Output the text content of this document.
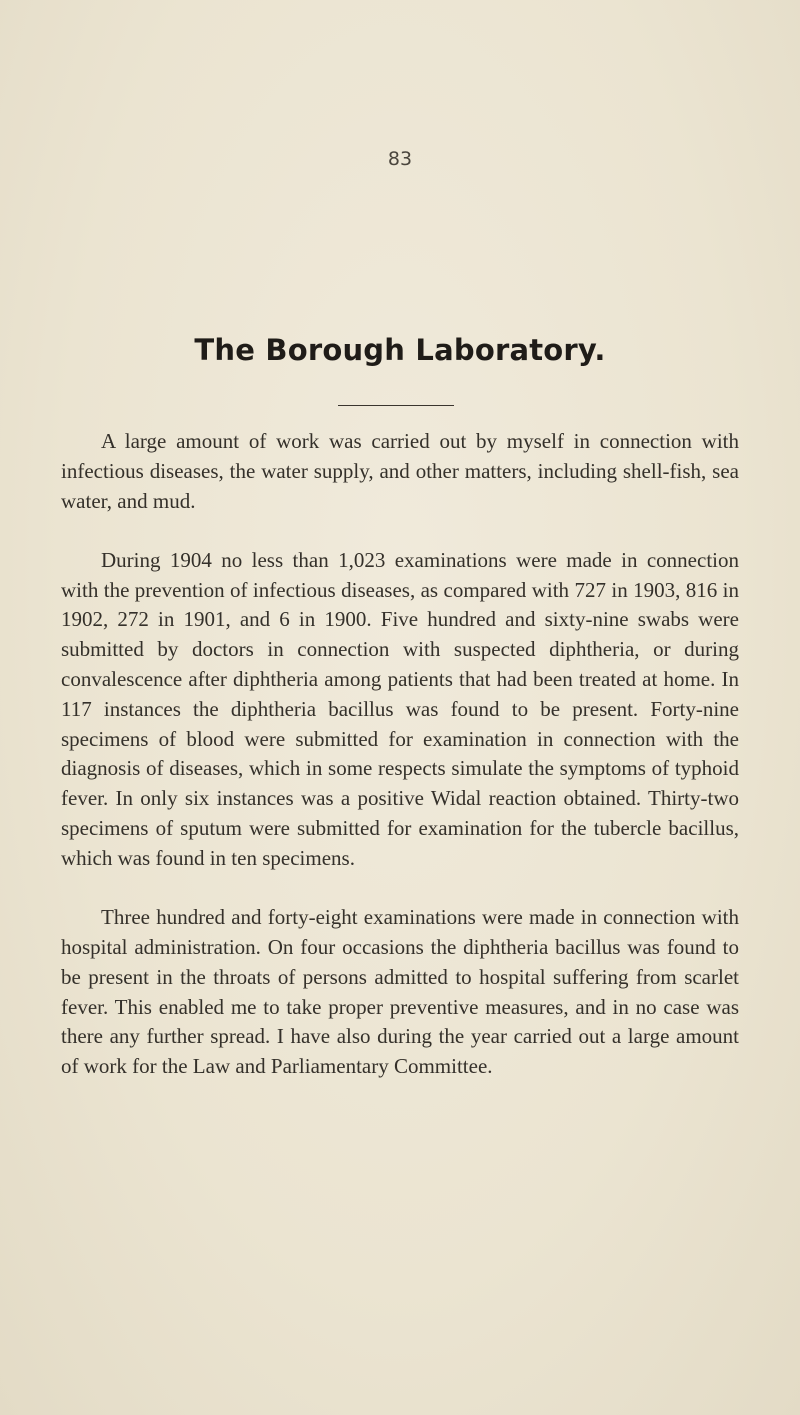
83
The Borough Laboratory.

A large amount of work was carried out by myself in connection with infectious diseases, the water supply, and other matters, including shell-fish, sea water, and mud.

During 1904 no less than 1,023 examinations were made in connection with the prevention of infectious diseases, as compared with 727 in 1903, 816 in 1902, 272 in 1901, and 6 in 1900. Five hundred and sixty-nine swabs were submitted by doctors in connection with suspected diphtheria, or during convalescence after diphtheria among patients that had been treated at home. In 117 instances the diphtheria bacillus was found to be present. Forty-nine specimens of blood were submitted for examination in connection with the diagnosis of diseases, which in some respects simulate the symptoms of typhoid fever. In only six instances was a positive Widal reaction obtained. Thirty-two specimens of sputum were submitted for examination for the tubercle bacillus, which was found in ten specimens.

Three hundred and forty-eight examinations were made in connection with hospital administration. On four occasions the diphtheria bacillus was found to be present in the throats of persons admitted to hospital suffering from scarlet fever. This enabled me to take proper preventive measures, and in no case was there any further spread. I have also during the year carried out a large amount of work for the Law and Parliamentary Committee.
